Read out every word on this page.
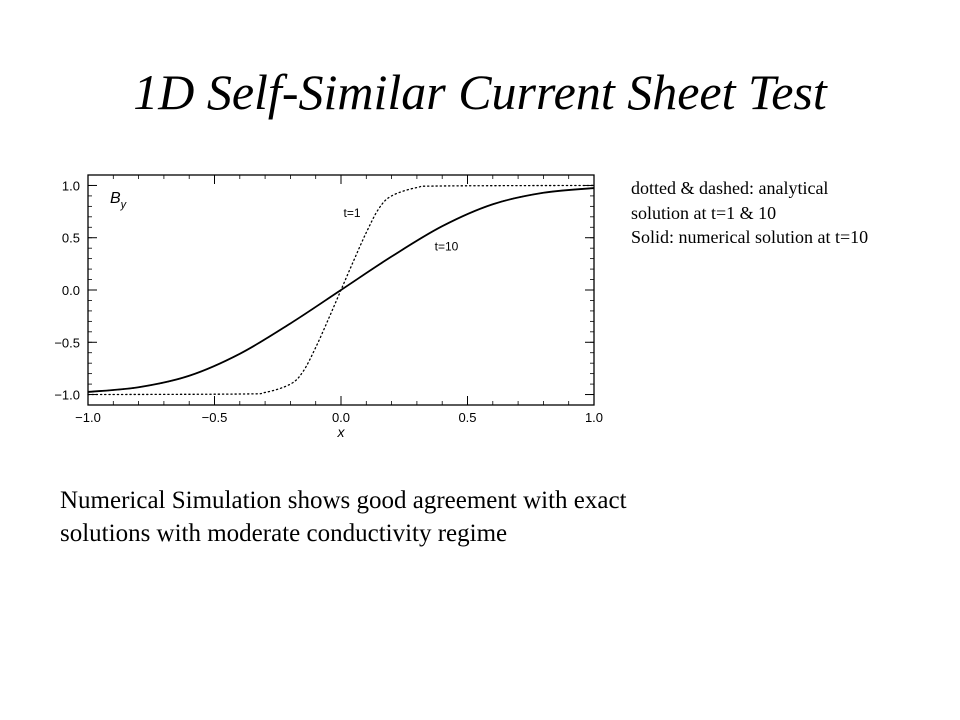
1D Self-Similar Current Sheet Test
−1.0	−0.5	0.0	0.5	1.0
1.0
0.5
0.0
−0.5
−1.0
t=1
t=10
$B_y$
x
dotted & dashed: analytical
solution at t=1 & 10
Solid: numerical solution at t=10
Numerical Simulation shows good agreement with exact
solutions with moderate conductivity regime
